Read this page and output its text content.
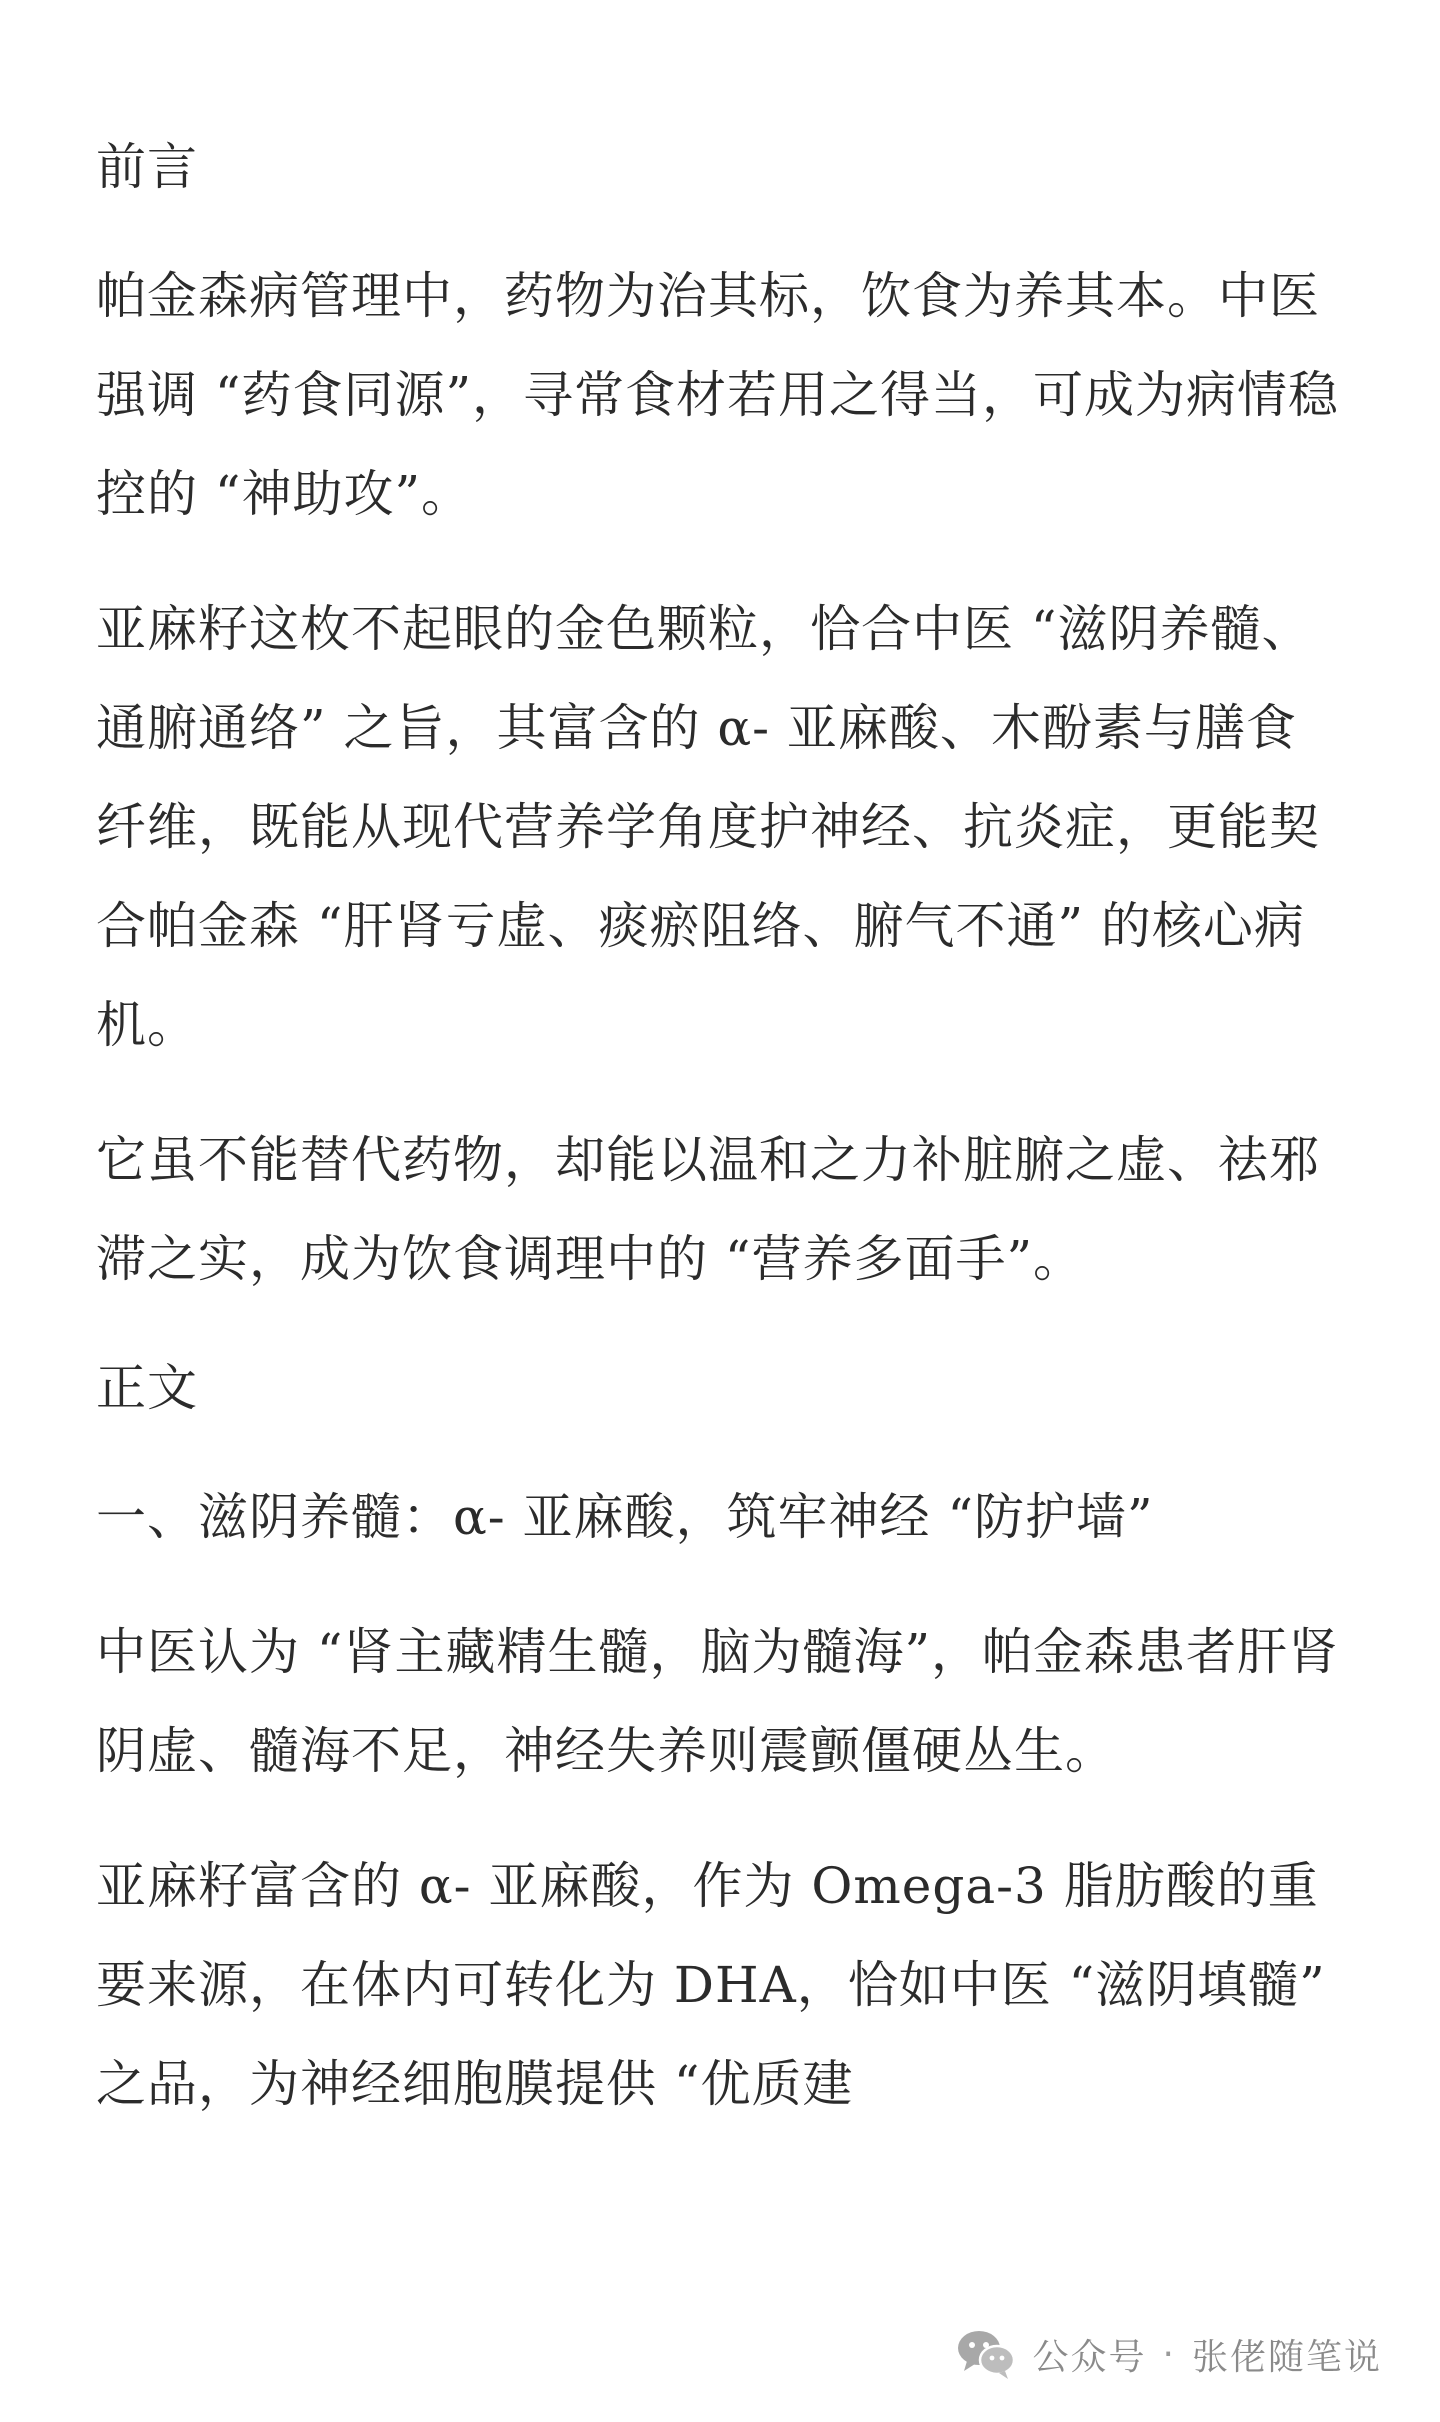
前言

帕金森病管理中，药物为治其标，饮食为养其本。中医强调 “药食同源”，寻常食材若用之得当，可成为病情稳控的 “神助攻”。

亚麻籽这枚不起眼的金色颗粒，恰合中医 “滋阴养髓、通腑通络” 之旨，其富含的 α- 亚麻酸、木酚素与膳食纤维，既能从现代营养学角度护神经、抗炎症，更能契合帕金森 “肝肾亏虚、痰瘀阻络、腑气不通” 的核心病机。

它虽不能替代药物，却能以温和之力补脏腑之虚、祛邪滞之实，成为饮食调理中的 “营养多面手”。

正文

一、滋阴养髓：α- 亚麻酸，筑牢神经 “防护墙”

中医认为 “肾主藏精生髓，脑为髓海”，帕金森患者肝肾阴虚、髓海不足，神经失养则震颤僵硬丛生。

亚麻籽富含的 α- 亚麻酸，作为 Omega-3 脂肪酸的重要来源，在体内可转化为 DHA，恰如中医 “滋阴填髓” 之品，为神经细胞膜提供 “优质建

公众号 · 张佬随笔说
